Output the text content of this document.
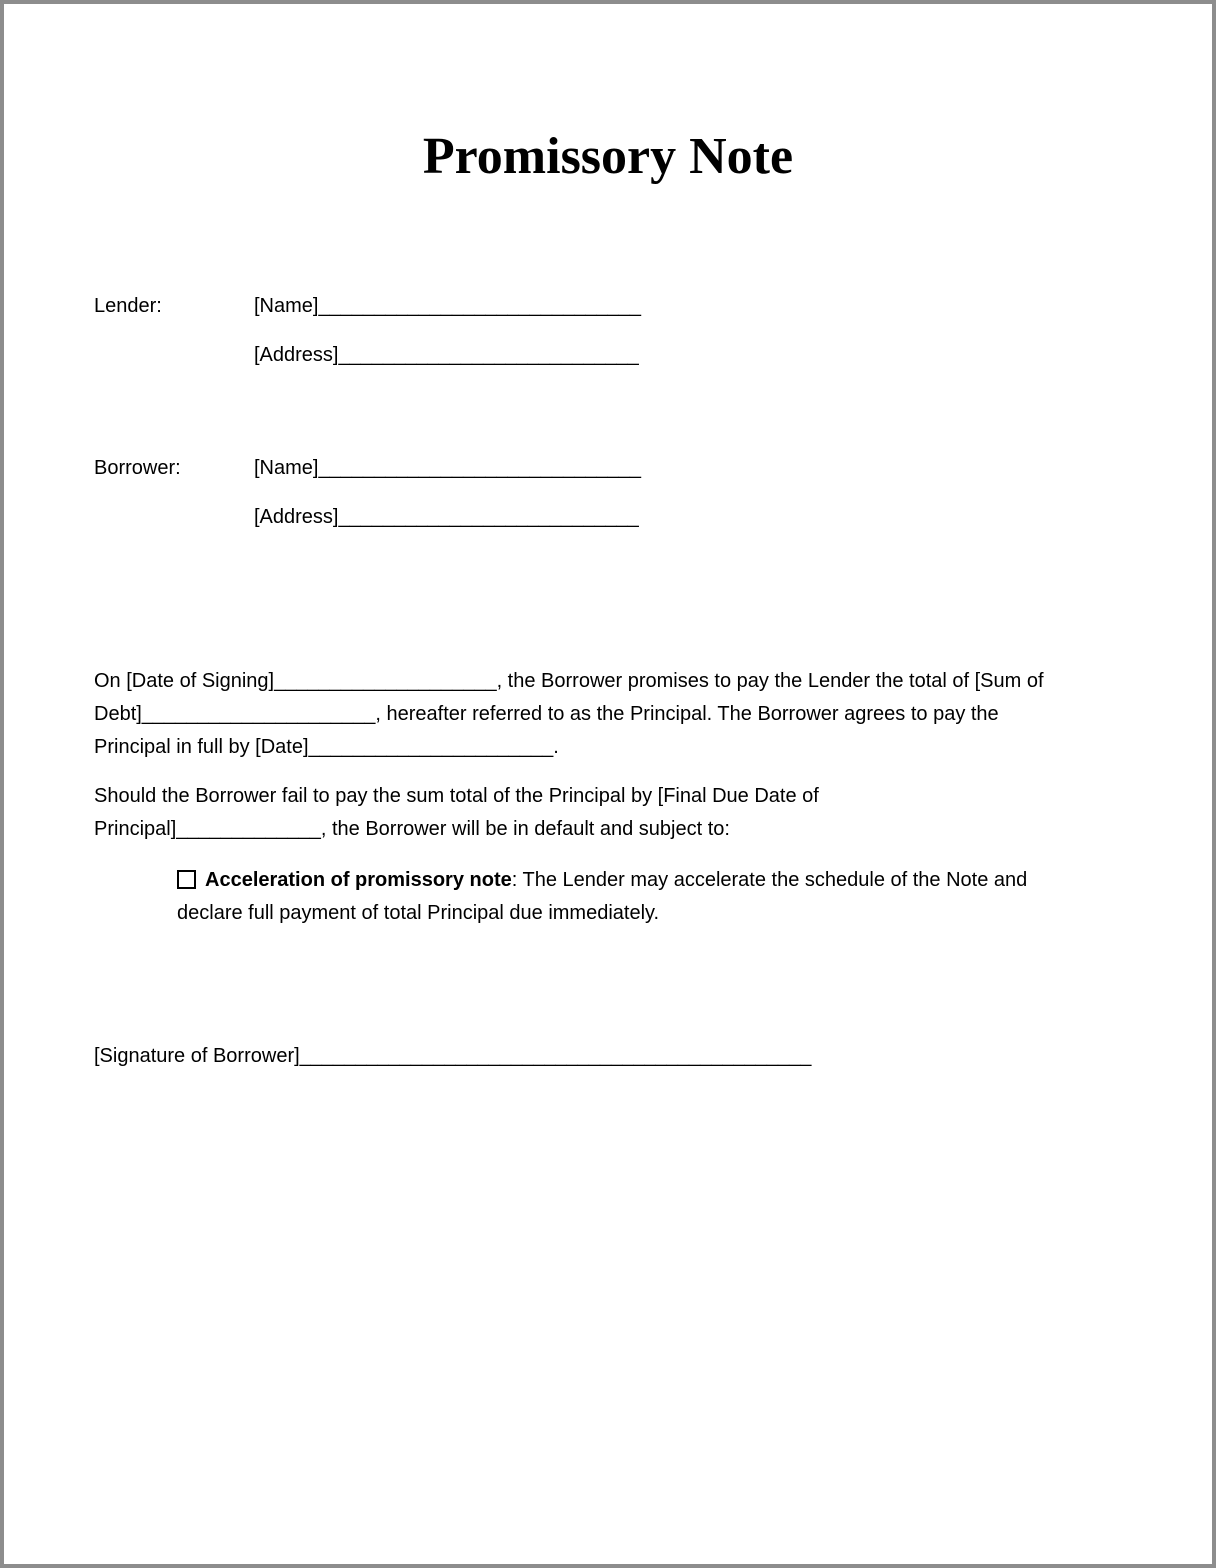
Promissory Note
Lender:	[Name]_____________________________
[Address]___________________________
Borrower:	[Name]_____________________________
[Address]___________________________
On [Date of Signing]____________________, the Borrower promises to pay the Lender the total of [Sum of
Debt]_____________________, hereafter referred to as the Principal. The Borrower agrees to pay the
Principal in full by [Date]______________________.
Should the Borrower fail to pay the sum total of the Principal by [Final Due Date of
Principal]_____________, the Borrower will be in default and subject to:
Acceleration of promissory note: The Lender may accelerate the schedule of the Note and
declare full payment of total Principal due immediately.
[Signature of Borrower]______________________________________________
